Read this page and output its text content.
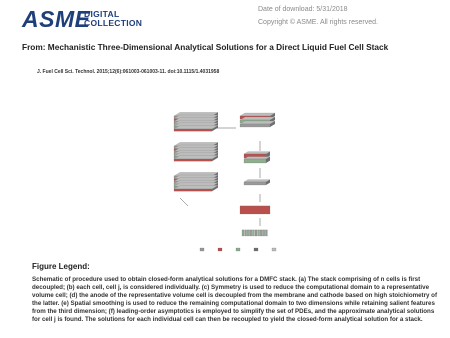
ASME
DIGITAL
COLLECTION
Date of download: 5/31/2018
Copyright © ASME. All rights reserved.
From: Mechanistic Three-Dimensional Analytical Solutions for a Direct Liquid Fuel Cell Stack
J. Fuel Cell Sci. Technol. 2015;12(6):061003-061003-11. doi:10.1115/1.4031958
Figure Legend:
Schematic of procedure used to obtain closed-form analytical solutions for a DMFC stack. (a) The stack comprising of n cells is first decoupled; (b) each cell, cell j, is considered individually. (c) Symmetry is used to reduce the computational domain to a representative volume cell; (d) the anode of the representative volume cell is decoupled from the membrane and cathode based on high stoichiometry of the latter. (e) Spatial smoothing is used to reduce the remaining computational domain to two dimensions while retaining salient features from the third dimension; (f) leading-order asymptotics is employed to simplify the set of PDEs, and the approximate analytical solutions for cell j is found. The solutions for each individual cell can then be recoupled to yield the closed-form analytical solution for a stack.
